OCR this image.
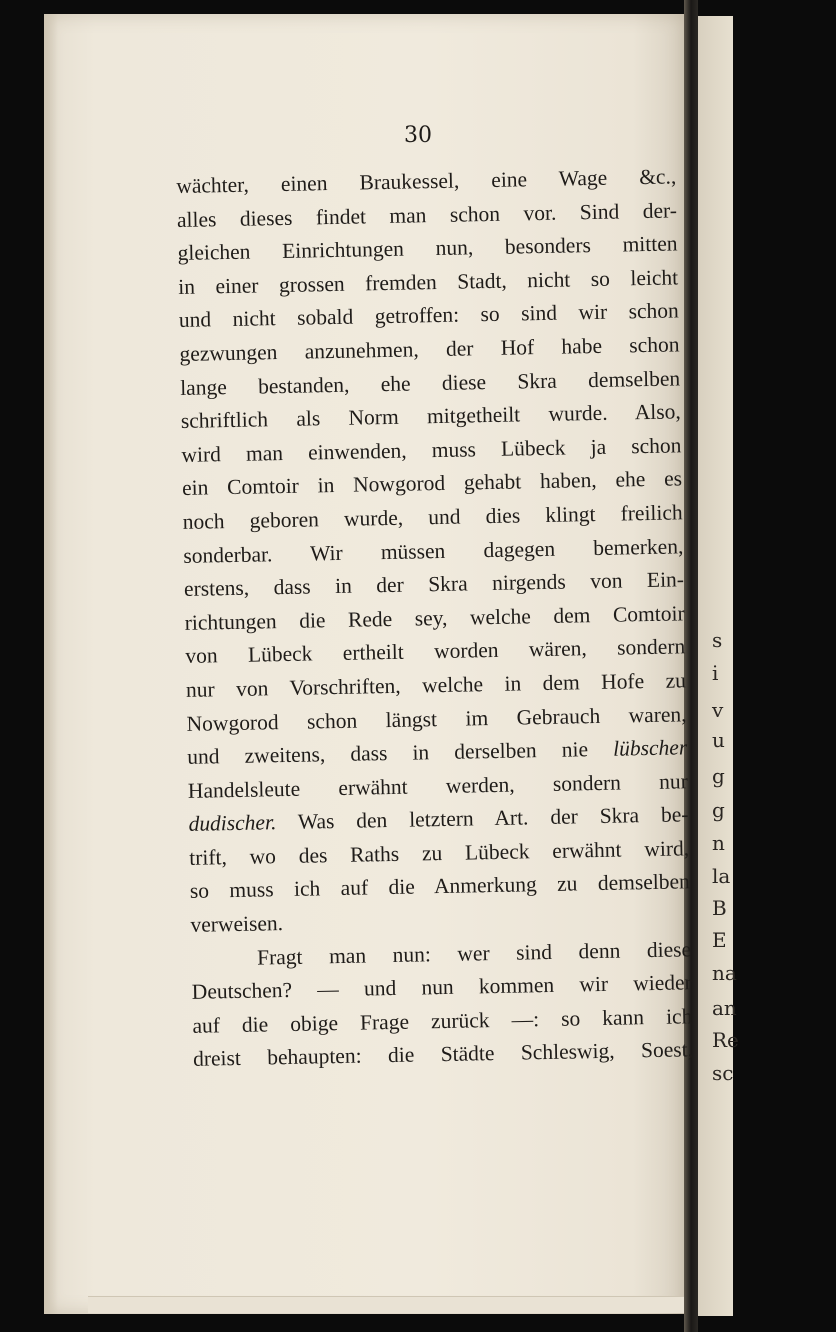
s
i
v
u
g
g
n
la
B
E
na
an
Re
sc
30
wächter, einen Braukessel, eine Wage &c.,
alles dieses findet man schon vor. Sind der-
gleichen Einrichtungen nun, besonders mitten
in einer grossen fremden Stadt, nicht so leicht
und nicht sobald getroffen: so sind wir schon
gezwungen anzunehmen, der Hof habe schon
lange bestanden, ehe diese Skra demselben
schriftlich als Norm mitgetheilt wurde. Also,
wird man einwenden, muss Lübeck ja schon
ein Comtoir in Nowgorod gehabt haben, ehe es
noch geboren wurde, und dies klingt freilich
sonderbar. Wir müssen dagegen bemerken,
erstens, dass in der Skra nirgends von Ein-
richtungen die Rede sey, welche dem Comtoir
von Lübeck ertheilt worden wären, sondern
nur von Vorschriften, welche in dem Hofe zu
Nowgorod schon längst im Gebrauch waren,
und zweitens, dass in derselben nie lübscher
Handelsleute erwähnt werden, sondern nur
dudischer. Was den letztern Art. der Skra be-
trift, wo des Raths zu Lübeck erwähnt wird,
so muss ich auf die Anmerkung zu demselben
verweisen.
Fragt man nun: wer sind denn diese
Deutschen? — und nun kommen wir wieder
auf die obige Frage zurück —: so kann ich
dreist behaupten: die Städte Schleswig, Soest,
